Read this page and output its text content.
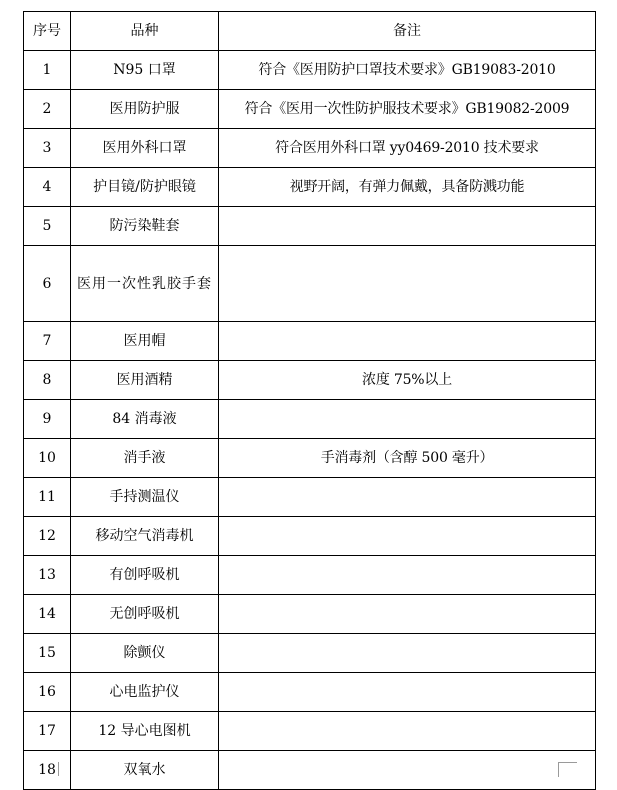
序号	品种	备注
1	N95 口罩	符合《医用防护口罩技术要求》GB19083-2010
2	医用防护服	符合《医用一次性防护服技术要求》GB19082-2009
3	医用外科口罩	符合医用外科口罩 yy0469-2010 技术要求
4	护目镜/防护眼镜	视野开阔，有弹力佩戴，具备防溅功能
5	防污染鞋套	
6	医用一次性乳胶手套	
7	医用帽	
8	医用酒精	浓度 75%以上
9	84 消毒液	
10	消手液	手消毒剂（含醇 500 毫升）
11	手持测温仪	
12	移动空气消毒机	
13	有创呼吸机	
14	无创呼吸机	
15	除颤仪	
16	心电监护仪	
17	12 导心电图机	
18	双氧水	
